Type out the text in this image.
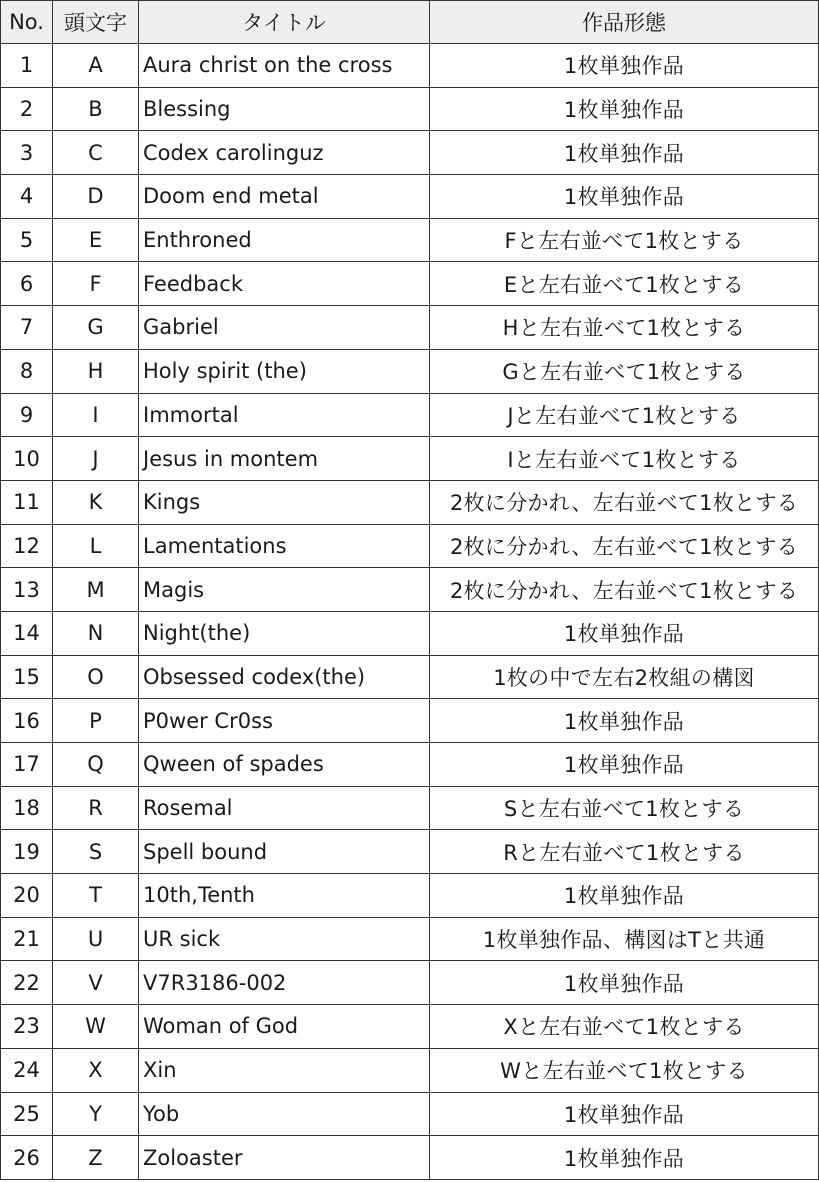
No.	頭文字	タイトル	作品形態
1	A	Aura christ on the cross	1枚単独作品
2	B	Blessing	1枚単独作品
3	C	Codex carolinguz	1枚単独作品
4	D	Doom end metal	1枚単独作品
5	E	Enthroned	Fと左右並べて1枚とする
6	F	Feedback	Eと左右並べて1枚とする
7	G	Gabriel	Hと左右並べて1枚とする
8	H	Holy spirit (the)	Gと左右並べて1枚とする
9	I	Immortal	Jと左右並べて1枚とする
10	J	Jesus in montem	Iと左右並べて1枚とする
11	K	Kings	2枚に分かれ、左右並べて1枚とする
12	L	Lamentations	2枚に分かれ、左右並べて1枚とする
13	M	Magis	2枚に分かれ、左右並べて1枚とする
14	N	Night(the)	1枚単独作品
15	O	Obsessed codex(the)	1枚の中で左右2枚組の構図
16	P	P0wer Cr0ss	1枚単独作品
17	Q	Qween of spades	1枚単独作品
18	R	Rosemal	Sと左右並べて1枚とする
19	S	Spell bound	Rと左右並べて1枚とする
20	T	10th,Tenth	1枚単独作品
21	U	UR sick	1枚単独作品、構図はTと共通
22	V	V7R3186-002	1枚単独作品
23	W	Woman of God	Xと左右並べて1枚とする
24	X	Xin	Wと左右並べて1枚とする
25	Y	Yob	1枚単独作品
26	Z	Zoloaster	1枚単独作品
